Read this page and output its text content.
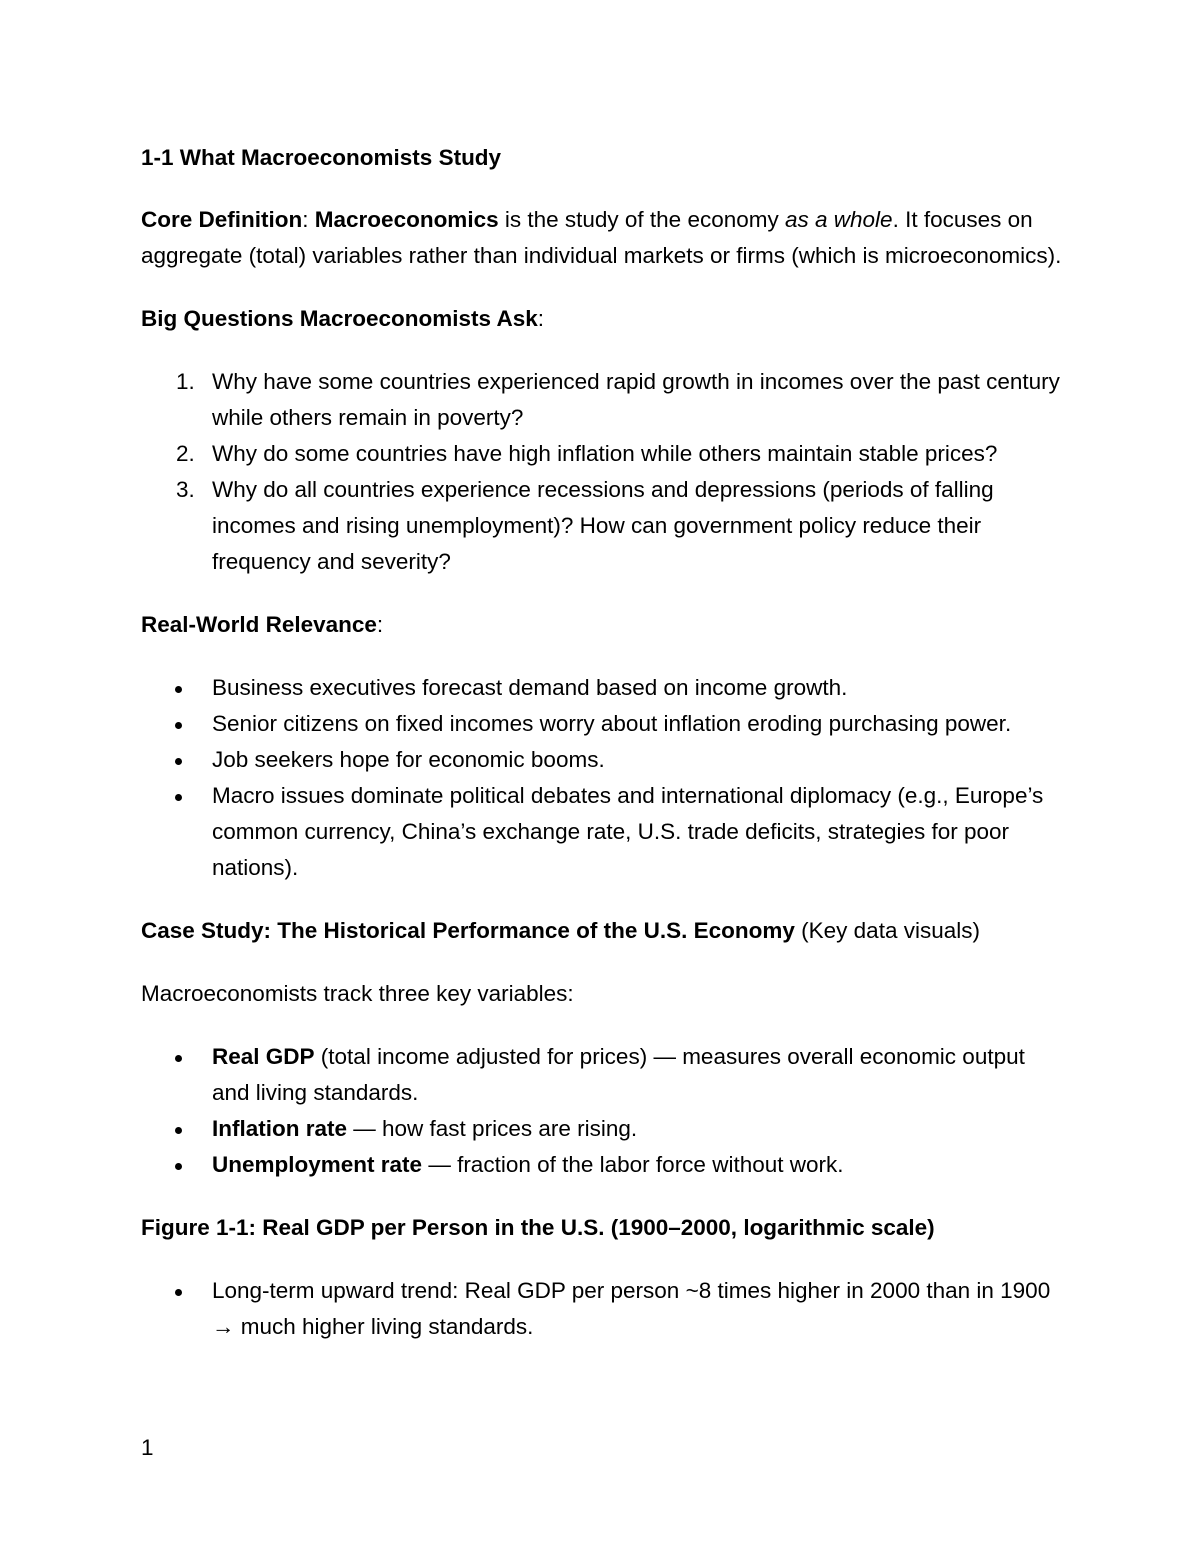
1-1 What Macroeconomists Study

Core Definition: Macroeconomics is the study of the economy as a whole. It focuses on aggregate (total) variables rather than individual markets or firms (which is microeconomics).

Big Questions Macroeconomists Ask:

1. Why have some countries experienced rapid growth in incomes over the past century while others remain in poverty?
2. Why do some countries have high inflation while others maintain stable prices?
3. Why do all countries experience recessions and depressions (periods of falling incomes and rising unemployment)? How can government policy reduce their frequency and severity?

Real-World Relevance:

Business executives forecast demand based on income growth.
Senior citizens on fixed incomes worry about inflation eroding purchasing power.
Job seekers hope for economic booms.
Macro issues dominate political debates and international diplomacy (e.g., Europe’s common currency, China’s exchange rate, U.S. trade deficits, strategies for poor nations).

Case Study: The Historical Performance of the U.S. Economy (Key data visuals)

Macroeconomists track three key variables:

Real GDP (total income adjusted for prices) — measures overall economic output and living standards.
Inflation rate — how fast prices are rising.
Unemployment rate — fraction of the labor force without work.

Figure 1-1: Real GDP per Person in the U.S. (1900–2000, logarithmic scale)

Long-term upward trend: Real GDP per person ~8 times higher in 2000 than in 1900 → much higher living standards.
1
